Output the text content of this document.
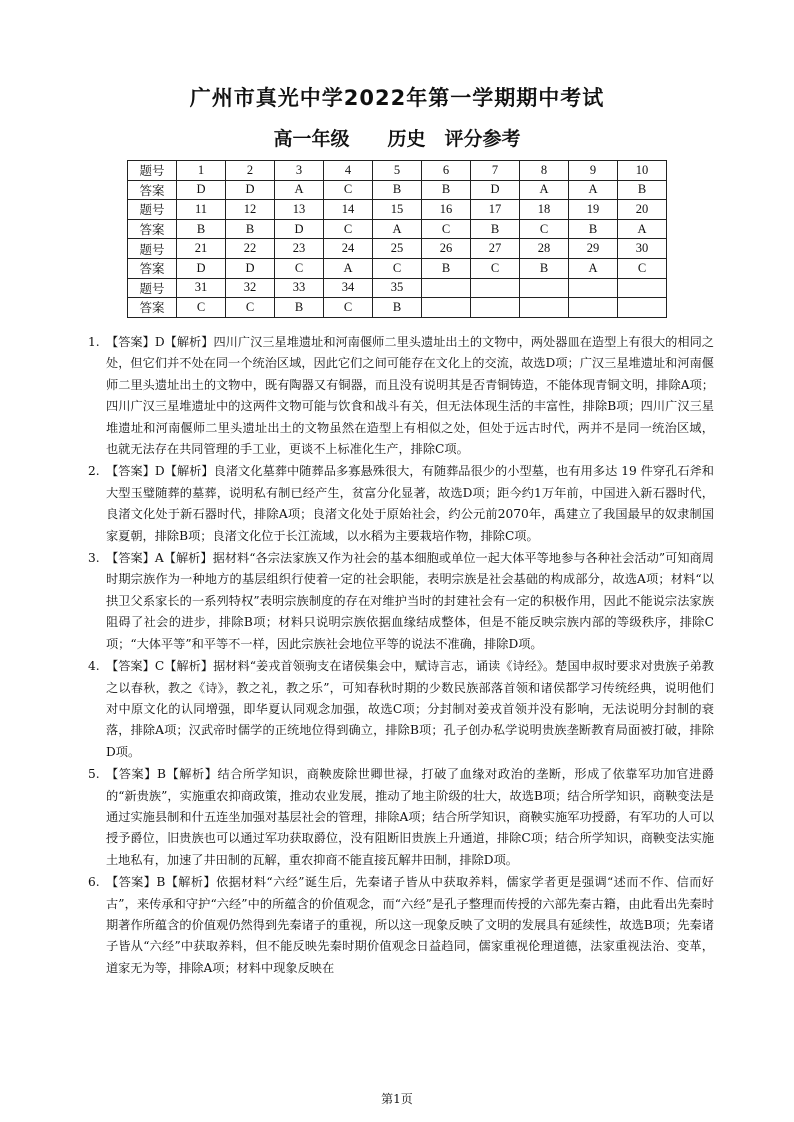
广州市真光中学2022年第一学期期中考试
高一年级　　历史　评分参考
题号	1	2	3	4	5	6	7	8	9	10
答案	D	D	A	C	B	B	D	A	A	B
题号	11	12	13	14	15	16	17	18	19	20
答案	B	B	D	C	A	C	B	C	B	A
题号	21	22	23	24	25	26	27	28	29	30
答案	D	D	C	A	C	B	C	B	A	C
题号	31	32	33	34	35					
答案	C	C	B	C	B					
1. 【答案】D【解析】四川广汉三星堆遗址和河南偃师二里头遗址出土的文物中，两处器皿在造型上有很大的相同之处，但它们并不处在同一个统治区域，因此它们之间可能存在文化上的交流，故选D项；广汉三星堆遗址和河南偃师二里头遗址出土的文物中，既有陶器又有铜器，而且没有说明其是否青铜铸造，不能体现青铜文明，排除A项；四川广汉三星堆遗址中的这两件文物可能与饮食和战斗有关，但无法体现生活的丰富性，排除B项；四川广汉三星堆遗址和河南偃师二里头遗址出土的文物虽然在造型上有相似之处，但处于远古时代，两并不是同一统治区域，也就无法存在共同管理的手工业，更谈不上标准化生产，排除C项。
2. 【答案】D【解析】良渚文化墓葬中随葬品多寡悬殊很大，有随葬品很少的小型墓，也有用多达 19 件穿孔石斧和大型玉璧随葬的墓葬，说明私有制已经产生，贫富分化显著，故选D项；距今约1万年前，中国进入新石器时代，良渚文化处于新石器时代，排除A项；良渚文化处于原始社会，约公元前2070年，禹建立了我国最早的奴隶制国家夏朝，排除B项；良渚文化位于长江流域，以水稻为主要栽培作物，排除C项。
3. 【答案】A【解析】据材料“各宗法家族又作为社会的基本细胞或单位一起大体平等地参与各种社会活动”可知商周时期宗族作为一种地方的基层组织行使着一定的社会职能，表明宗族是社会基础的构成部分，故选A项；材料“以拱卫父系家长的一系列特权”表明宗族制度的存在对维护当时的封建社会有一定的积极作用，因此不能说宗法家族阻碍了社会的进步，排除B项；材料只说明宗族依据血缘结成整体，但是不能反映宗族内部的等级秩序，排除C项；“大体平等”和平等不一样，因此宗族社会地位平等的说法不准确，排除D项。
4. 【答案】C【解析】据材料“姜戎首领驹支在诸侯集会中，赋诗言志，诵读《诗经》。楚国申叔时要求对贵族子弟教之以春秋，教之《诗》，教之礼，教之乐”，可知春秋时期的少数民族部落首领和诸侯都学习传统经典，说明他们对中原文化的认同增强，即华夏认同观念加强，故选C项；分封制对姜戎首领并没有影响，无法说明分封制的衰落，排除A项；汉武帝时儒学的正统地位得到确立，排除B项；孔子创办私学说明贵族垄断教育局面被打破，排除D项。
5. 【答案】B【解析】结合所学知识，商鞅废除世卿世禄，打破了血缘对政治的垄断，形成了依靠军功加官进爵的“新贵族”，实施重农抑商政策，推动农业发展，推动了地主阶级的壮大，故选B项；结合所学知识，商鞅变法是通过实施县制和什五连坐加强对基层社会的管理，排除A项；结合所学知识，商鞅实施军功授爵，有军功的人可以授予爵位，旧贵族也可以通过军功获取爵位，没有阻断旧贵族上升通道，排除C项；结合所学知识，商鞅变法实施土地私有，加速了井田制的瓦解，重农抑商不能直接瓦解井田制，排除D项。
6. 【答案】B【解析】依据材料“六经”诞生后，先秦诸子皆从中获取养料，儒家学者更是强调“述而不作、信而好古”，来传承和守护“六经”中的所蕴含的价值观念，而“六经”是孔子整理而传授的六部先秦古籍，由此看出先秦时期著作所蕴含的价值观仍然得到先秦诸子的重视，所以这一现象反映了文明的发展具有延续性，故选B项；先秦诸子皆从“六经”中获取养料，但不能反映先秦时期价值观念日益趋同，儒家重视伦理道德，法家重视法治、变革，道家无为等，排除A项；材料中现象反映在
第1页
